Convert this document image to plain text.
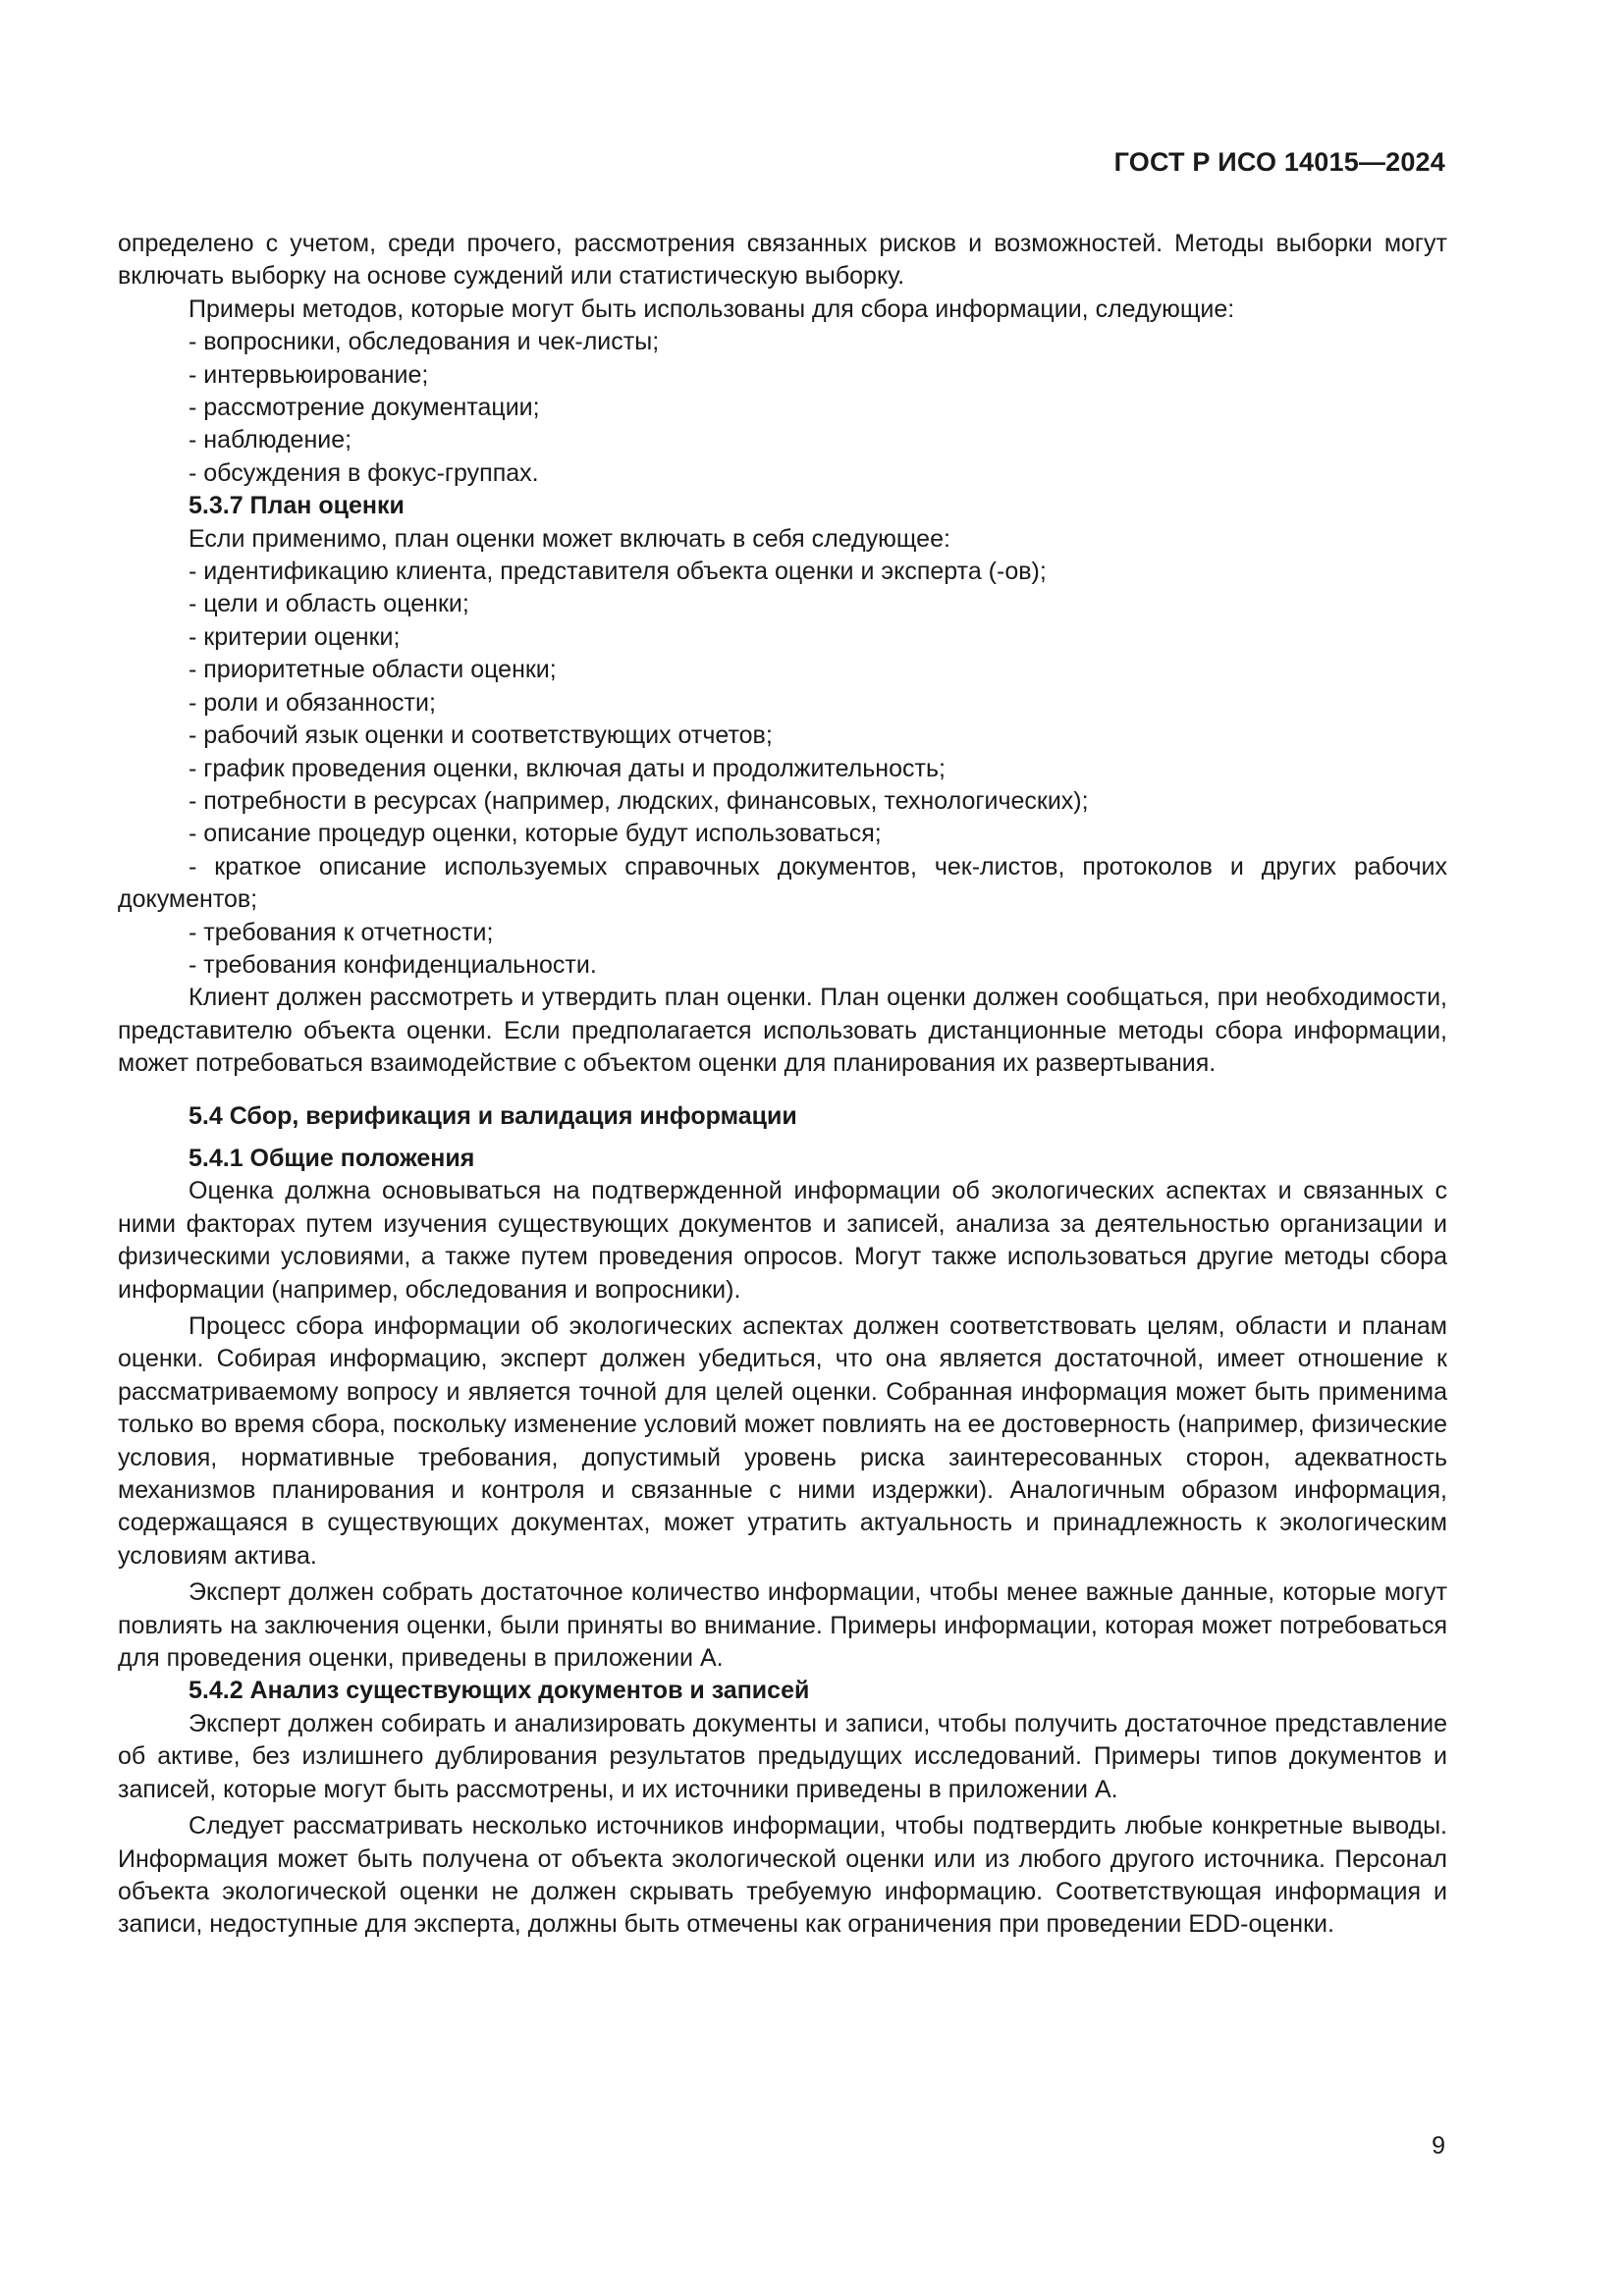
ГОСТ Р ИСО 14015—2024

определено с учетом, среди прочего, рассмотрения связанных рисков и возможностей. Методы выборки могут включать выборку на основе суждений или статистическую выборку.

Примеры методов, которые могут быть использованы для сбора информации, следующие:

- вопросники, обследования и чек-листы;

- интервьюирование;

- рассмотрение документации;

- наблюдение;

- обсуждения в фокус-группах.

5.3.7 План оценки

Если применимо, план оценки может включать в себя следующее:

- идентификацию клиента, представителя объекта оценки и эксперта (-ов);

- цели и область оценки;

- критерии оценки;

- приоритетные области оценки;

- роли и обязанности;

- рабочий язык оценки и соответствующих отчетов;

- график проведения оценки, включая даты и продолжительность;

- потребности в ресурсах (например, людских, финансовых, технологических);

- описание процедур оценки, которые будут использоваться;

- краткое описание используемых справочных документов, чек-листов, протоколов и других рабочих документов;

- требования к отчетности;

- требования конфиденциальности.

Клиент должен рассмотреть и утвердить план оценки. План оценки должен сообщаться, при необходимости, представителю объекта оценки. Если предполагается использовать дистанционные методы сбора информации, может потребоваться взаимодействие с объектом оценки для планирования их развертывания.

5.4 Сбор, верификация и валидация информации

5.4.1 Общие положения

Оценка должна основываться на подтвержденной информации об экологических аспектах и связанных с ними факторах путем изучения существующих документов и записей, анализа за деятельностью организации и физическими условиями, а также путем проведения опросов. Могут также использоваться другие методы сбора информации (например, обследования и вопросники).

Процесс сбора информации об экологических аспектах должен соответствовать целям, области и планам оценки. Собирая информацию, эксперт должен убедиться, что она является достаточной, имеет отношение к рассматриваемому вопросу и является точной для целей оценки. Собранная информация может быть применима только во время сбора, поскольку изменение условий может повлиять на ее достоверность (например, физические условия, нормативные требования, допустимый уровень риска заинтересованных сторон, адекватность механизмов планирования и контроля и связанные с ними издержки). Аналогичным образом информация, содержащаяся в существующих документах, может утратить актуальность и принадлежность к экологическим условиям актива.

Эксперт должен собрать достаточное количество информации, чтобы менее важные данные, которые могут повлиять на заключения оценки, были приняты во внимание. Примеры информации, которая может потребоваться для проведения оценки, приведены в приложении А.

5.4.2 Анализ существующих документов и записей

Эксперт должен собирать и анализировать документы и записи, чтобы получить достаточное представление об активе, без излишнего дублирования результатов предыдущих исследований. Примеры типов документов и записей, которые могут быть рассмотрены, и их источники приведены в приложении А.

Следует рассматривать несколько источников информации, чтобы подтвердить любые конкретные выводы. Информация может быть получена от объекта экологической оценки или из любого другого источника. Персонал объекта экологической оценки не должен скрывать требуемую информацию. Соответствующая информация и записи, недоступные для эксперта, должны быть отмечены как ограничения при проведении EDD-оценки.

9
